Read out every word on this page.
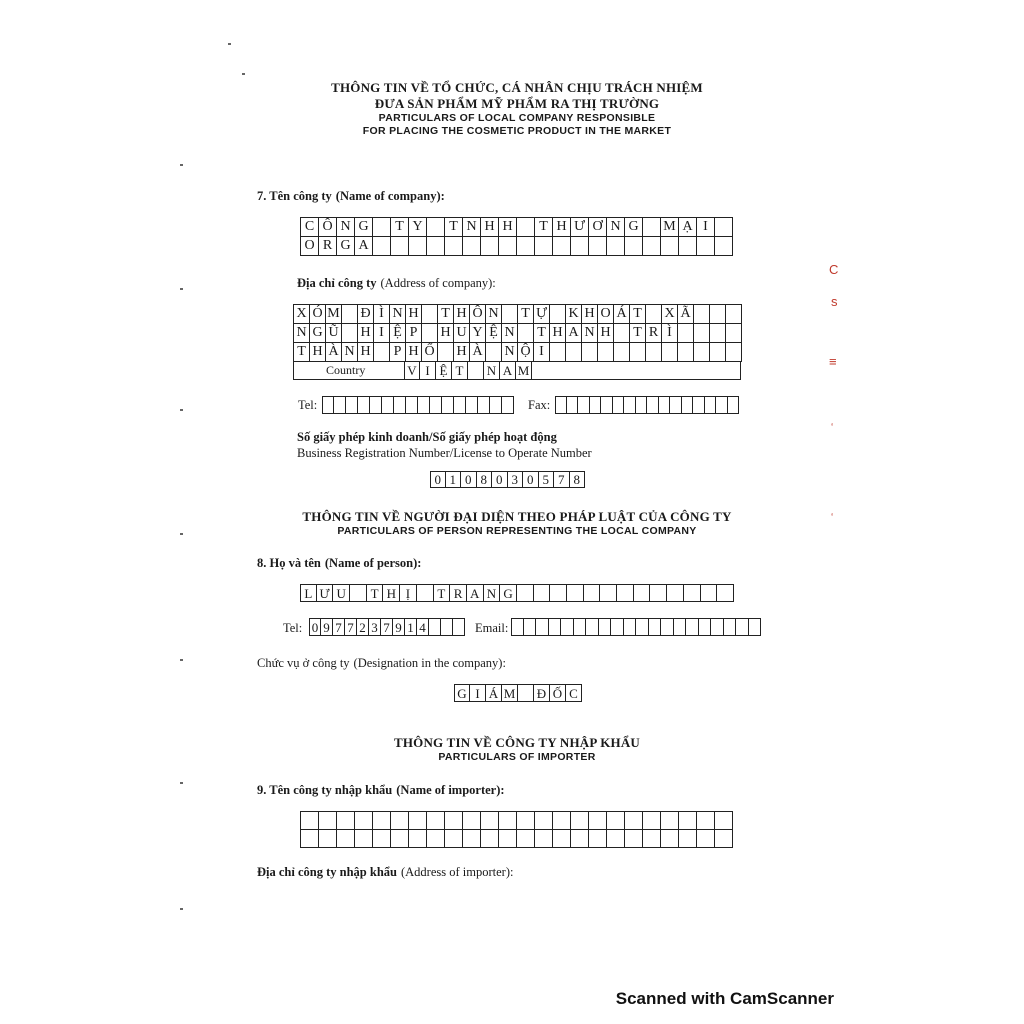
С
s
≡
‘
‘
THÔNG TIN VỀ TỔ CHỨC, CÁ NHÂN CHỊU TRÁCH NHIỆM
ĐƯA SẢN PHẨM MỸ PHẨM RA THỊ TRƯỜNG
PARTICULARS OF LOCAL COMPANY RESPONSIBLE
FOR PLACING THE COSMETIC PRODUCT IN THE MARKET
7. Tên công ty (Name of company):
C Ô N G	T Y	T N H H	T H Ư Ơ N G	M Ạ I
O R G A
Địa chỉ công ty (Address of company):
X Ó M Đ Ì N H T H Ô N T Ự K H O Á T	X Ã
N G Ũ H I Ệ P	H U Y Ệ N T H A N H T R Ì
T H À N H P H Ố H À N Ộ I
Country	V I Ệ T	N A M
Tel:	Fax:
Số giấy phép kinh doanh/Số giấy phép hoạt động
Business Registration Number/License to Operate Number
0 1 0 8 0 3 0 5 7 8
THÔNG TIN VỀ NGƯỜI ĐẠI DIỆN THEO PHÁP LUẬT CỦA CÔNG TY
PARTICULARS OF PERSON REPRESENTING THE LOCAL COMPANY
8. Họ và tên (Name of person):
L Ư U	T H Ị	T R A N G
Tel: 0 9 7 7 2 3 7 9 1 4	Email:
Chức vụ ở công ty (Designation in the company):
G I Á M Đ Ố C
THÔNG TIN VỀ CÔNG TY NHẬP KHẨU
PARTICULARS OF IMPORTER
9. Tên công ty nhập khẩu (Name of importer):
Địa chỉ công ty nhập khẩu (Address of importer):
Scanned with CamScanner
